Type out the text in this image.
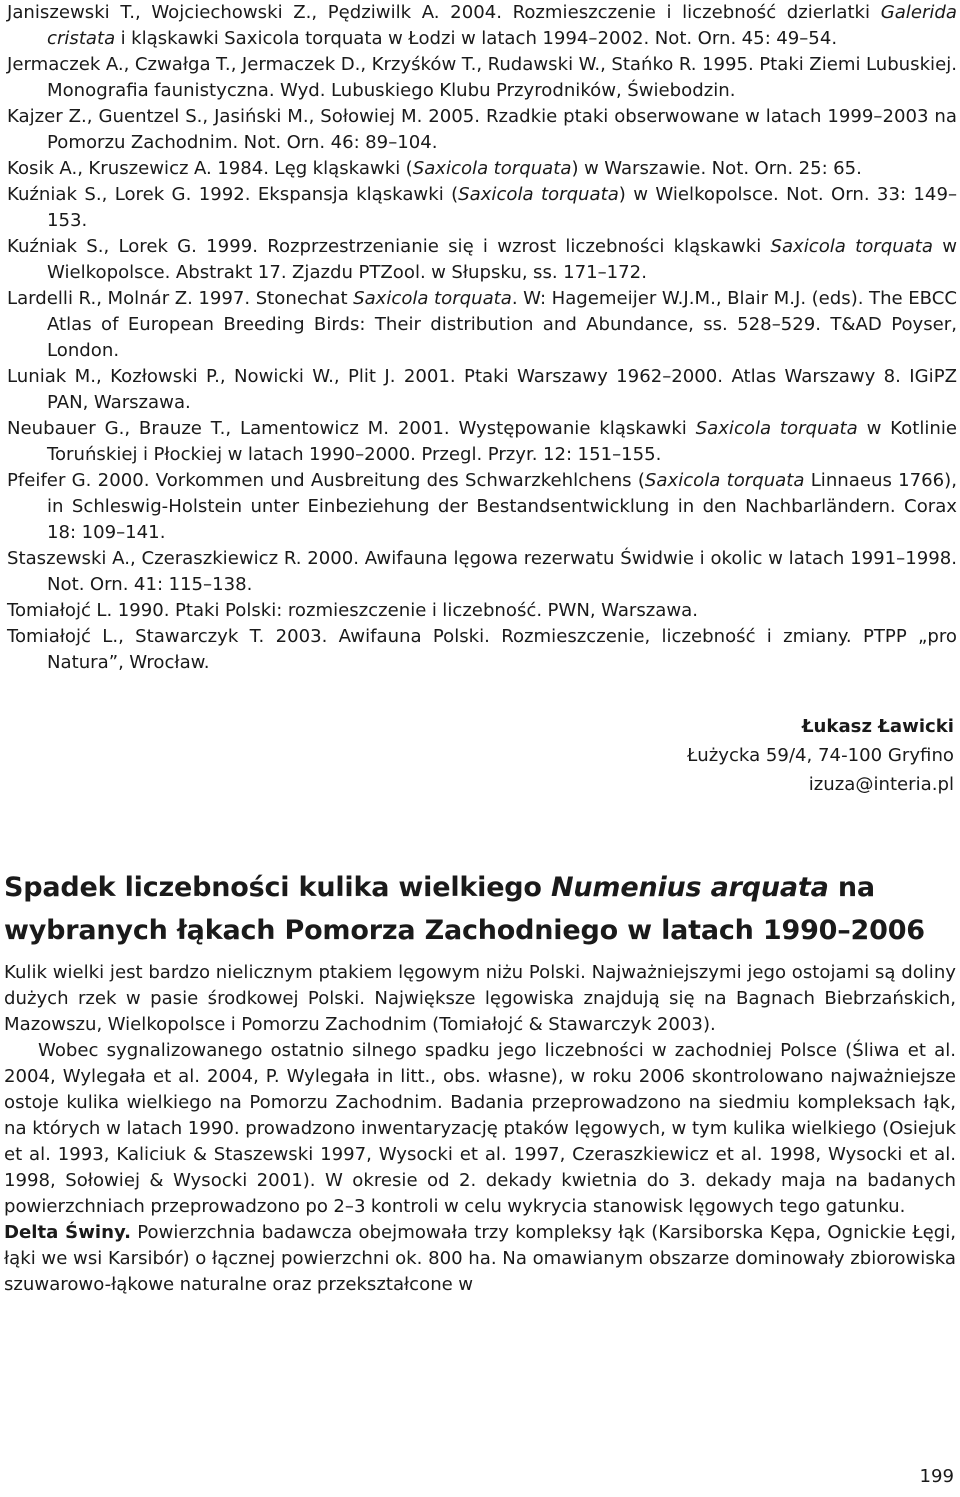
Janiszewski T., Wojciechowski Z., Pędziwilk A. 2004. Rozmieszczenie i liczebność dzierlatki Galerida cristata i kląskawki Saxicola torquata w Łodzi w latach 1994–2002. Not. Orn. 45: 49–54.
Jermaczek A., Czwałga T., Jermaczek D., Krzyśków T., Rudawski W., Stańko R. 1995. Ptaki Ziemi Lubuskiej. Monografia faunistyczna. Wyd. Lubuskiego Klubu Przyrodników, Świebodzin.
Kajzer Z., Guentzel S., Jasiński M., Sołowiej M. 2005. Rzadkie ptaki obserwowane w latach 1999–2003 na Pomorzu Zachodnim. Not. Orn. 46: 89–104.
Kosik A., Kruszewicz A. 1984. Lęg kląskawki (Saxicola torquata) w Warszawie. Not. Orn. 25: 65.
Kuźniak S., Lorek G. 1992. Ekspansja kląskawki (Saxicola torquata) w Wielkopolsce. Not. Orn. 33: 149–153.
Kuźniak S., Lorek G. 1999. Rozprzestrzenianie się i wzrost liczebności kląskawki Saxicola torquata w Wielkopolsce. Abstrakt 17. Zjazdu PTZool. w Słupsku, ss. 171–172.
Lardelli R., Molnár Z. 1997. Stonechat Saxicola torquata. W: Hagemeijer W.J.M., Blair M.J. (eds). The EBCC Atlas of European Breeding Birds: Their distribution and Abundance, ss. 528–529. T&AD Poyser, London.
Luniak M., Kozłowski P., Nowicki W., Plit J. 2001. Ptaki Warszawy 1962–2000. Atlas Warszawy 8. IGiPZ PAN, Warszawa.
Neubauer G., Brauze T., Lamentowicz M. 2001. Występowanie kląskawki Saxicola torquata w Kotlinie Toruńskiej i Płockiej w latach 1990–2000. Przegl. Przyr. 12: 151–155.
Pfeifer G. 2000. Vorkommen und Ausbreitung des Schwarzkehlchens (Saxicola torquata Linnaeus 1766), in Schleswig-Holstein unter Einbeziehung der Bestandsentwicklung in den Nachbarländern. Corax 18: 109–141.
Staszewski A., Czeraszkiewicz R. 2000. Awifauna lęgowa rezerwatu Świdwie i okolic w latach 1991–1998. Not. Orn. 41: 115–138.
Tomiałojć L. 1990. Ptaki Polski: rozmieszczenie i liczebność. PWN, Warszawa.
Tomiałojć L., Stawarczyk T. 2003. Awifauna Polski. Rozmieszczenie, liczebność i zmiany. PTPP „pro Natura”, Wrocław.
Łukasz Ławicki
Łużycka 59/4, 74-100 Gryfino
izuza@interia.pl
Spadek liczebności kulika wielkiego Numenius arquata na wybranych łąkach Pomorza Zachodniego w latach 1990–2006

Kulik wielki jest bardzo nielicznym ptakiem lęgowym niżu Polski. Najważniejszymi jego ostojami są doliny dużych rzek w pasie środkowej Polski. Największe lęgowiska znajdują się na Bagnach Biebrzańskich, Mazowszu, Wielkopolsce i Pomorzu Zachodnim (Tomiałojć & Stawarczyk 2003).

Wobec sygnalizowanego ostatnio silnego spadku jego liczebności w zachodniej Polsce (Śliwa et al. 2004, Wylegała et al. 2004, P. Wylegała in litt., obs. własne), w roku 2006 skontrolowano najważniejsze ostoje kulika wielkiego na Pomorzu Zachodnim. Badania przeprowadzono na siedmiu kompleksach łąk, na których w latach 1990. prowadzono inwentaryzację ptaków lęgowych, w tym kulika wielkiego (Osiejuk et al. 1993, Kaliciuk & Staszewski 1997, Wysocki et al. 1997, Czeraszkiewicz et al. 1998, Wysocki et al. 1998, Sołowiej & Wysocki 2001). W okresie od 2. dekady kwietnia do 3. dekady maja na badanych powierzchniach przeprowadzono po 2–3 kontroli w celu wykrycia stanowisk lęgowych tego gatunku.

Delta Świny. Powierzchnia badawcza obejmowała trzy kompleksy łąk (Karsiborska Kępa, Ognickie Łęgi, łąki we wsi Karsibór) o łącznej powierzchni ok. 800 ha. Na omawianym obszarze dominowały zbiorowiska szuwarowo-łąkowe naturalne oraz przekształcone w

199
